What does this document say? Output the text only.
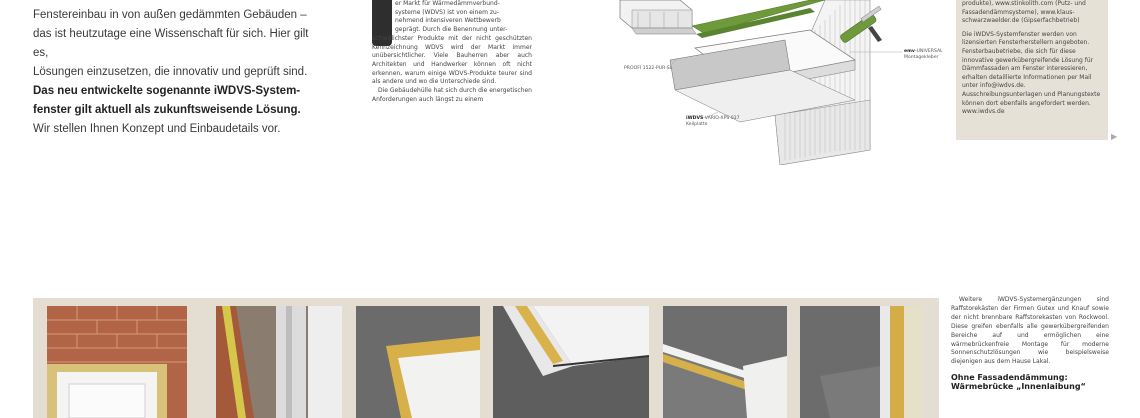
Fenstereinbau in von außen gedämmten Gebäuden –

das ist heutzutage eine Wissenschaft für sich. Hier gilt es,

Lösungen einzusetzen, die innovativ und geprüft sind.

Das neu entwickelte sogenannte iWDVS-System-

fenster gilt aktuell als zukunftsweisende Lösung.

Wir stellen Ihnen Konzept und Einbaudetails vor.

er Markt für Wärmedämmverbund-

systeme (WDVS) ist von einem zu-

nehmend intensiveren Wettbewerb

geprägt. Durch die Benennung unter-

schiedlichster Produkte mit der nicht geschützten Kennzeichnung WDVS wird der Markt immer unübersichtlicher. Viele Bauherren aber auch Architekten und Handwerker können oft nicht erkennen, warum einige WDVS-Produkte teurer sind als andere und wo die Unterschiede sind.

Die Gebäudehülle hat sich durch die energetischen Anforderungen auch längst zu einem

PROOFI 1522-PUR-SL
emv-UNIVERSAL
Montagekleber
iWDVS-VARIO-XPS 037
Keilplatte

produkte), www.stinkolith.com (Putz- und Fassadendämmsysteme), www.klaus-schwarzwaelder.de (Gipserfachbetrieb)

Die iWDVS-Systemfenster werden von lizensierten Fensterherstellern angeboten. Fensterbaubetriebe, die sich für diese innovative gewerkübergreifende Lösung für Dämmfassaden am Fenster interessieren, erhalten detaillierte Informationen per Mail unter info@iwdvs.de. Ausschreibungsunterlagen und Planungstexte können dort ebenfalls angefordert werden. www.iwdvs.de

▶

Weitere iWDVS-Systemergänzungen sind Raffstorekästen der Firmen Gutex und Knauf sowie der nicht brennbare Raffstorekasten von Rockwool. Diese greifen ebenfalls alle gewerkübergreifenden Bereiche auf und ermöglichen eine wärmebrückenfreie Montage für moderne Sonnenschutzlösungen wie beispielsweise diejenigen aus dem Hause Lakal.

Ohne Fassadendämmung:
Wärmebrücke „Innenlaibung“
